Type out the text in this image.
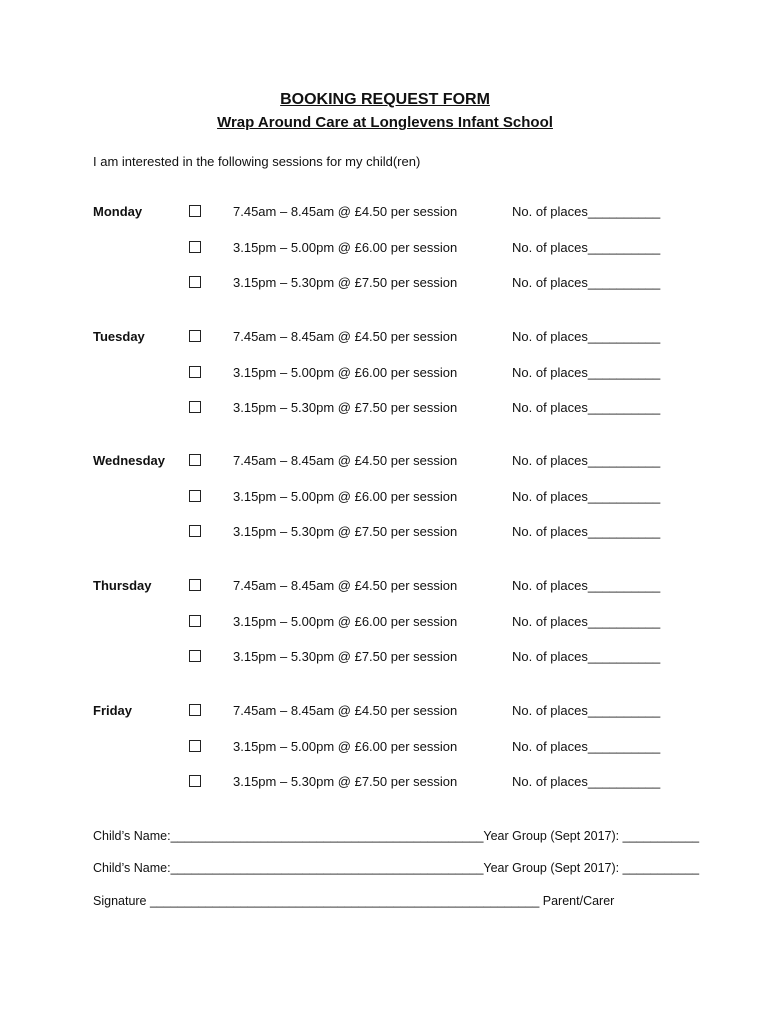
BOOKING REQUEST FORM
Wrap Around Care at Longlevens Infant School
I am interested in the following sessions for my child(ren)
Monday	7.45am – 8.45am @ £4.50 per session	No. of places__________
3.15pm – 5.00pm @ £6.00 per session	No. of places__________
3.15pm – 5.30pm @ £7.50 per session	No. of places__________
Tuesday	7.45am – 8.45am @ £4.50 per session	No. of places__________
3.15pm – 5.00pm @ £6.00 per session	No. of places__________
3.15pm – 5.30pm @ £7.50 per session	No. of places__________
Wednesday	7.45am – 8.45am @ £4.50 per session	No. of places__________
3.15pm – 5.00pm @ £6.00 per session	No. of places__________
3.15pm – 5.30pm @ £7.50 per session	No. of places__________
Thursday	7.45am – 8.45am @ £4.50 per session	No. of places__________
3.15pm – 5.00pm @ £6.00 per session	No. of places__________
3.15pm – 5.30pm @ £7.50 per session	No. of places__________
Friday	7.45am – 8.45am @ £4.50 per session	No. of places__________
3.15pm – 5.00pm @ £6.00 per session	No. of places__________
3.15pm – 5.30pm @ £7.50 per session	No. of places__________
Child’s Name:_____________________________________________Year Group (Sept 2017): ___________
Child’s Name:_____________________________________________Year Group (Sept 2017): ___________
Signature ________________________________________________________ Parent/Carer
